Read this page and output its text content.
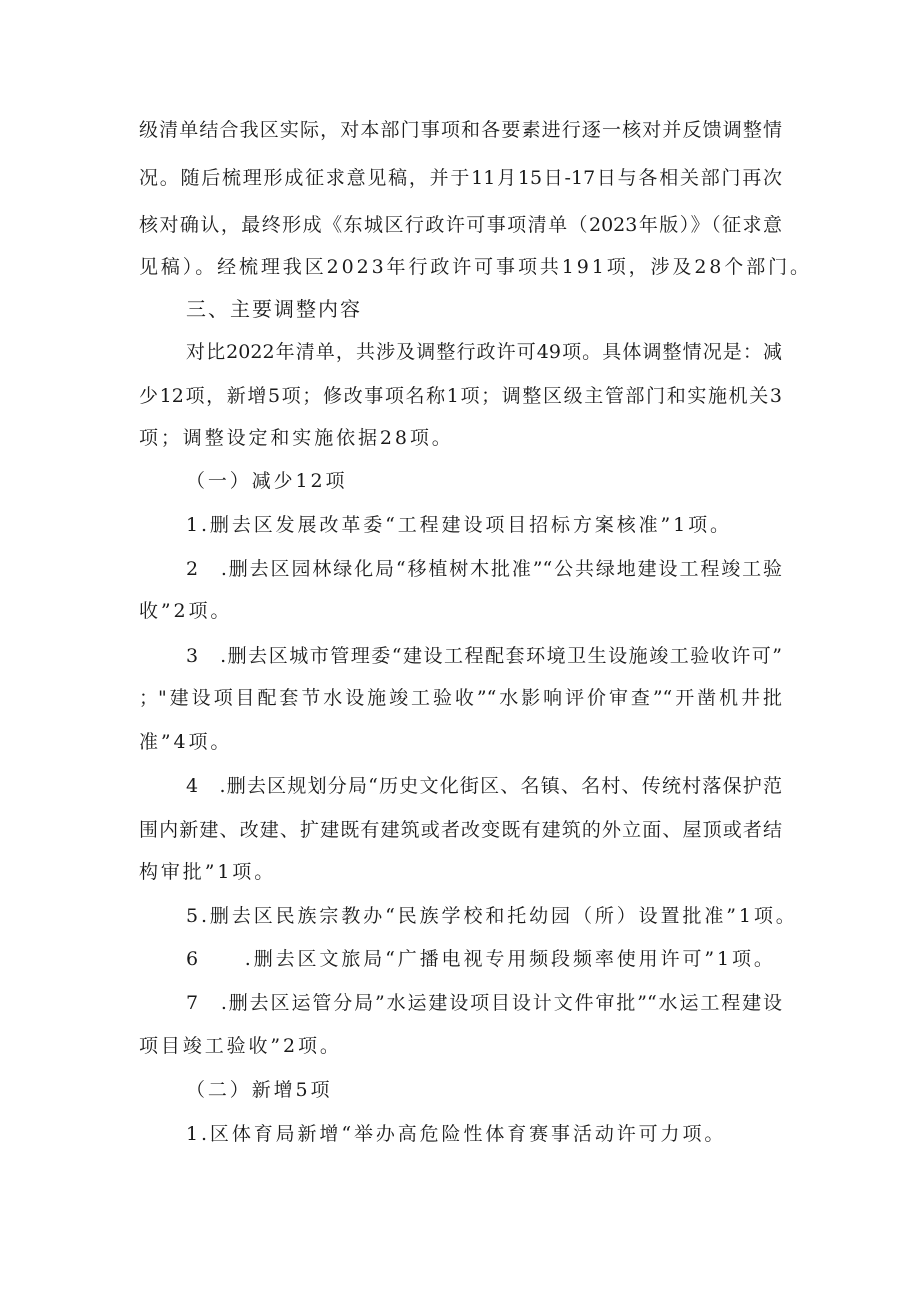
级清单结合我区实际，对本部门事项和各要素进行逐一核对并反馈调整情
况。随后梳理形成征求意见稿，并于11月15日-17日与各相关部门再次
核对确认，最终形成《东城区行政许可事项清单（2023年版）》（征求意
见稿）。经梳理我区2023年行政许可事项共191项，涉及28个部门。
三、主要调整内容
对比2022年清单，共涉及调整行政许可49项。具体调整情况是：减
少12项，新增5项；修改事项名称1项；调整区级主管部门和实施机关3
项；调整设定和实施依据28项。
（一）减少12项
1.删去区发展改革委“工程建设项目招标方案核准”1项。
2　.删去区园林绿化局“移植树木批准”“公共绿地建设工程竣工验
收”2项。
3　.删去区城市管理委“建设工程配套环境卫生设施竣工验收许可”
；"建设项目配套节水设施竣工验收”“水影响评价审查”“开凿机井批
准”4项。
4　.删去区规划分局“历史文化街区、名镇、名村、传统村落保护范
围内新建、改建、扩建既有建筑或者改变既有建筑的外立面、屋顶或者结
构审批”1项。
5.删去区民族宗教办“民族学校和托幼园（所）设置批准”1项。
6　　.删去区文旅局“广播电视专用频段频率使用许可”1项。
7　.删去区运管分局”水运建设项目设计文件审批”“水运工程建设
项目竣工验收”2项。
（二）新增5项
1.区体育局新增“举办高危险性体育赛事活动许可力项。
